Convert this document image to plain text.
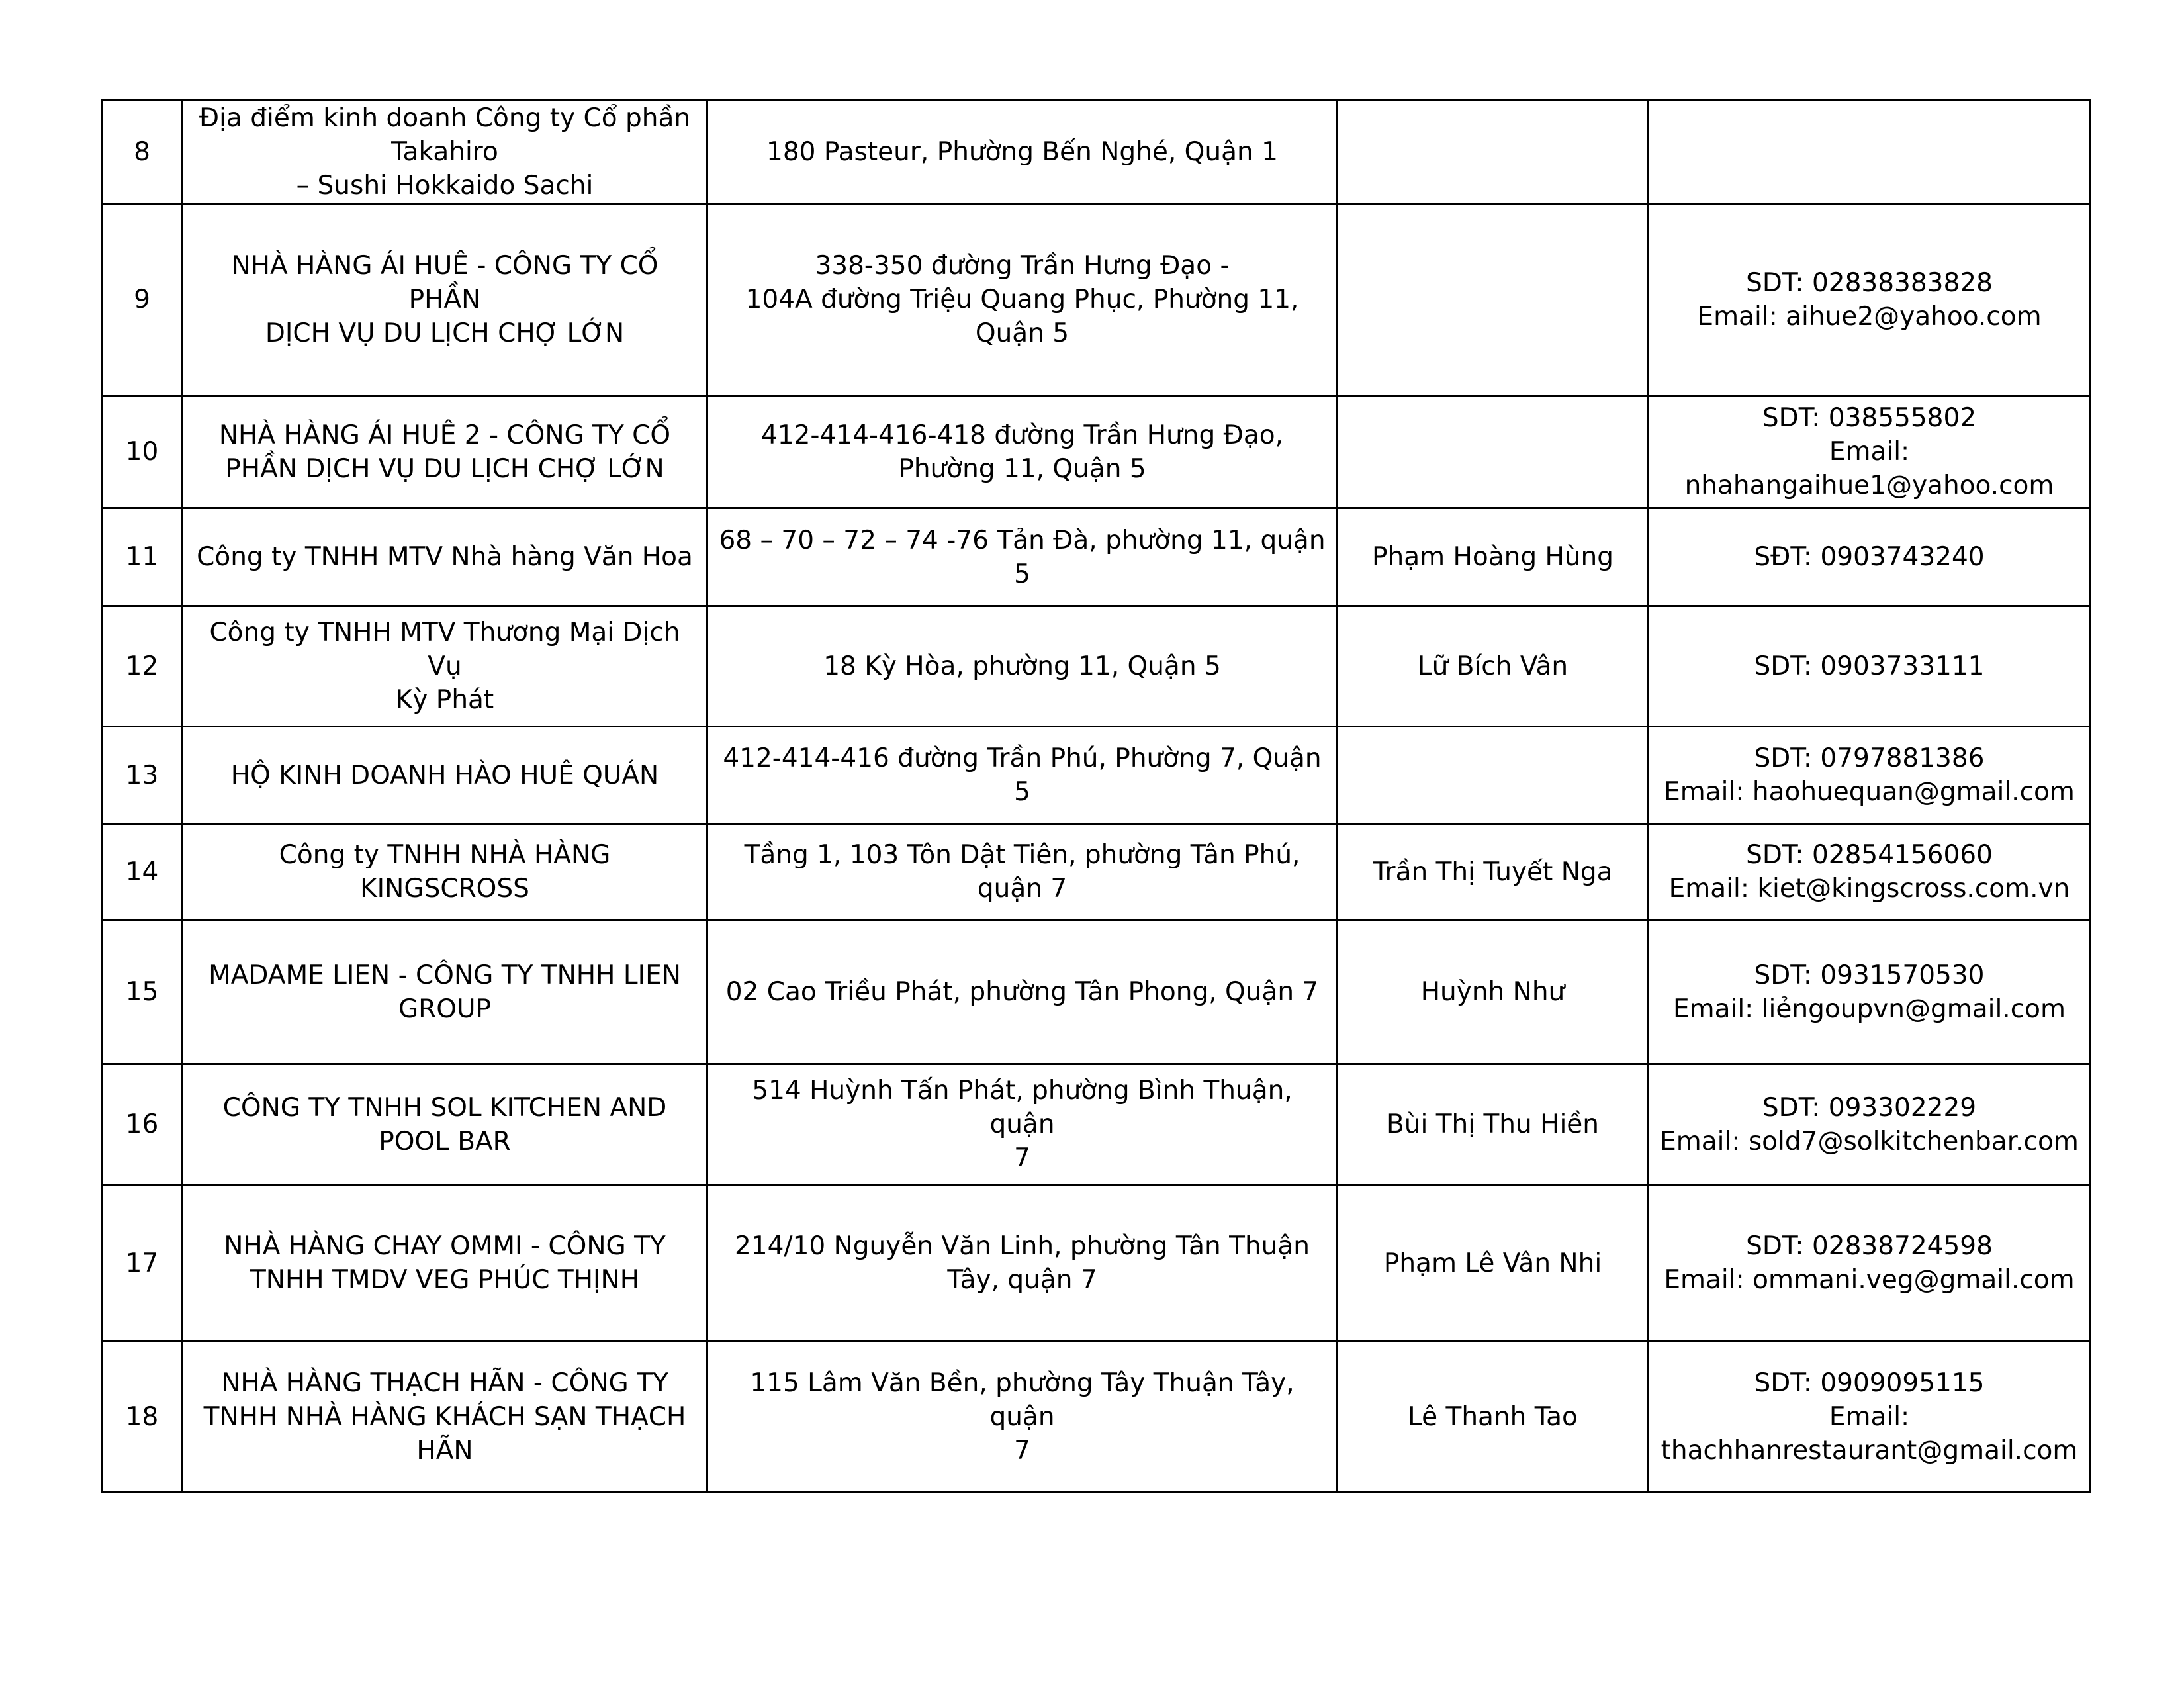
8	Địa điểm kinh doanh Công ty Cổ phần
Takahiro
– Sushi Hokkaido Sachi	180 Pasteur, Phường Bến Nghé, Quận 1		
9	NHÀ HÀNG ÁI HUÊ - CÔNG TY CỔ PHẦN
DỊCH VỤ DU LỊCH CHỢ LỚN	338-350 đường Trần Hưng Đạo -
104A đường Triệu Quang Phục, Phường 11,
Quận 5		SDT: 02838383828
Email: aihue2@yahoo.com
10	NHÀ HÀNG ÁI HUÊ 2 - CÔNG TY CỔ
PHẦN DỊCH VỤ DU LỊCH CHỢ LỚN	412-414-416-418 đường Trần Hưng Đạo,
Phường 11, Quận 5		SDT: 038555802
Email:
nhahangaihue1@yahoo.com
11	Công ty TNHH MTV Nhà hàng Văn Hoa	68 – 70 – 72 – 74 -76 Tản Đà, phường 11, quận
5	Phạm Hoàng Hùng	SĐT: 0903743240
12	Công ty TNHH MTV Thương Mại Dịch Vụ
Kỳ Phát	18 Kỳ Hòa, phường 11, Quận 5	Lữ Bích Vân	SDT: 0903733111
13	HỘ KINH DOANH HÀO HUÊ QUÁN	412-414-416 đường Trần Phú, Phường 7, Quận
5		SDT: 0797881386
Email: haohuequan@gmail.com
14	Công ty TNHH NHÀ HÀNG KINGSCROSS	Tầng 1, 103 Tôn Dật Tiên, phường Tân Phú,
quận 7	Trần Thị Tuyết Nga	SDT: 02854156060
Email: kiet@kingscross.com.vn
15	MADAME LIEN - CÔNG TY TNHH LIEN
GROUP	02 Cao Triều Phát, phường Tân Phong, Quận 7	Huỳnh Như	SDT: 0931570530
Email: liẻngoupvn@gmail.com
16	CÔNG TY TNHH SOL KITCHEN AND
POOL BAR	514 Huỳnh Tấn Phát, phường Bình Thuận, quận
7	Bùi Thị Thu Hiền	SDT: 093302229
Email: sold7@solkitchenbar.com
17	NHÀ HÀNG CHAY OMMI - CÔNG TY
TNHH TMDV VEG PHÚC THỊNH	214/10 Nguyễn Văn Linh, phường Tân Thuận
Tây, quận 7	Phạm Lê Vân Nhi	SDT: 02838724598
Email: ommani.veg@gmail.com
18	NHÀ HÀNG THẠCH HÃN - CÔNG TY
TNHH NHÀ HÀNG KHÁCH SẠN THẠCH
HÃN	115 Lâm Văn Bền, phường Tây Thuận Tây, quận
7	Lê Thanh Tao	SDT: 0909095115
Email:
thachhanrestaurant@gmail.com
